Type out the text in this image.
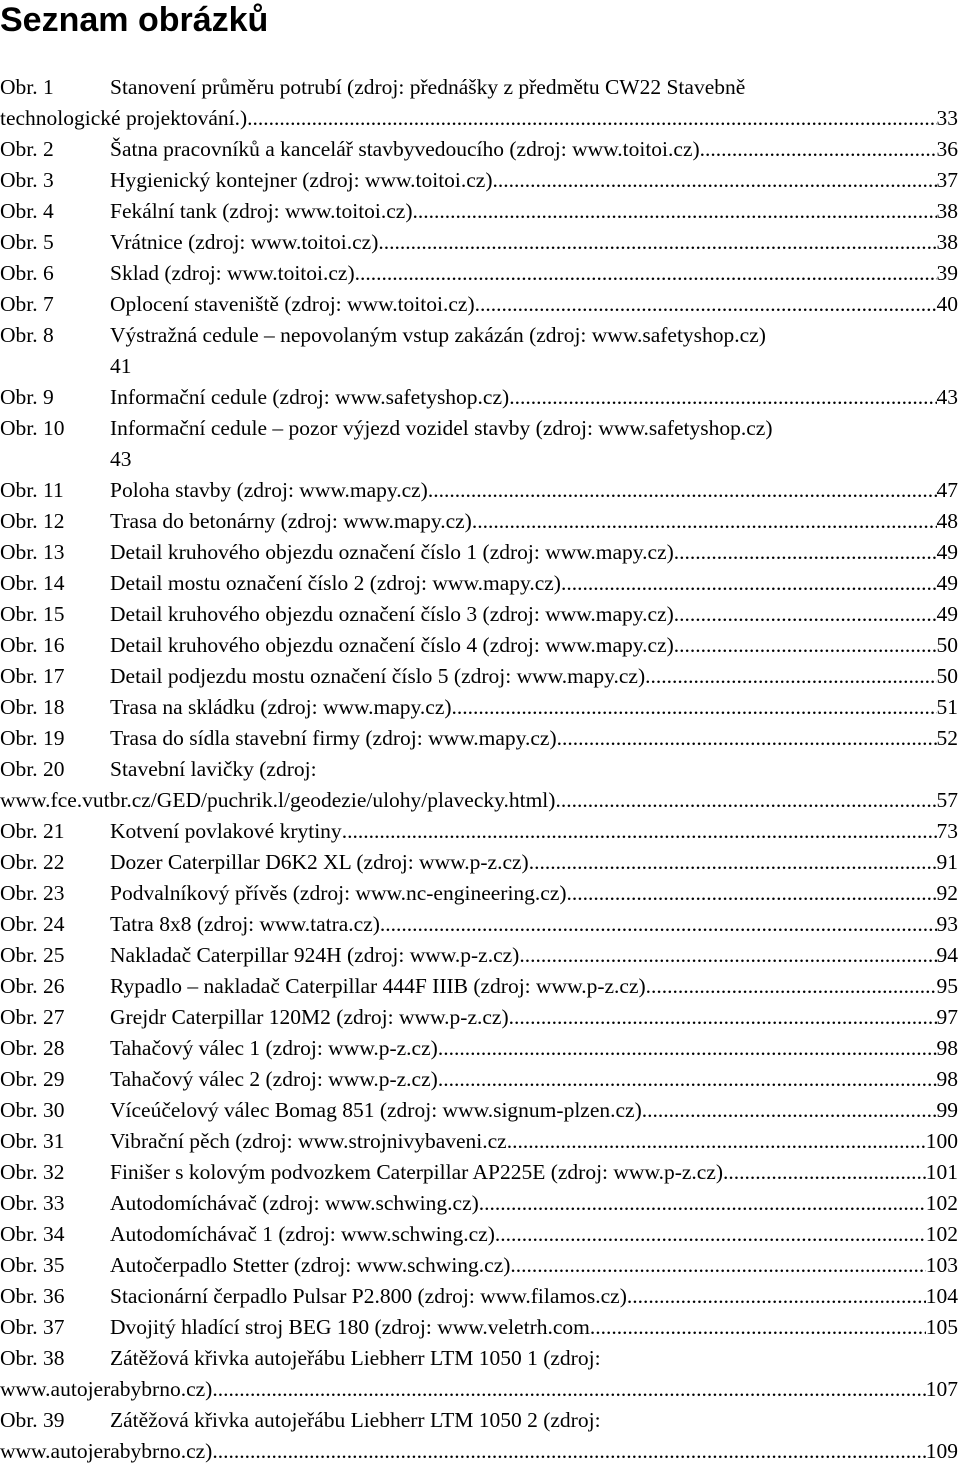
Seznam obrázků
Obr. 1	Stanovení průměru potrubí (zdroj: přednášky z předmětu CW22 Stavebně
technologické projektování.). .....	33
Obr. 2	Šatna pracovníků a kancelář stavbyvedoucího (zdroj: www.toitoi.cz). .....	36
Obr. 3	Hygienický kontejner (zdroj: www.toitoi.cz) .....	37
Obr. 4	Fekální tank (zdroj: www.toitoi.cz) .....	38
Obr. 5	Vrátnice (zdroj: www.toitoi.cz) .....	38
Obr. 6	Sklad (zdroj: www.toitoi.cz) .....	39
Obr. 7	Oplocení staveniště (zdroj: www.toitoi.cz) .....	40
Obr. 8	Výstražná cedule – nepovolaným vstup zakázán (zdroj: www.safetyshop.cz)
41
Obr. 9	Informační cedule (zdroj: www.safetyshop.cz) .....	43
Obr. 10	Informační cedule – pozor výjezd vozidel stavby (zdroj: www.safetyshop.cz)
43
Obr. 11	Poloha stavby (zdroj: www.mapy.cz) .....	47
Obr. 12	Trasa do betonárny (zdroj: www.mapy.cz) .....	48
Obr. 13	Detail kruhového objezdu označení číslo 1 (zdroj: www.mapy.cz) .....	49
Obr. 14	Detail mostu označení číslo 2 (zdroj: www.mapy.cz) .....	49
Obr. 15	Detail kruhového objezdu označení číslo 3 (zdroj: www.mapy.cz) .....	49
Obr. 16	Detail kruhového objezdu označení číslo 4 (zdroj: www.mapy.cz) .....	50
Obr. 17	Detail podjezdu mostu označení číslo 5 (zdroj: www.mapy.cz). .....	50
Obr. 18	Trasa na skládku (zdroj: www.mapy.cz). .....	51
Obr. 19	Trasa do sídla stavební firmy (zdroj: www.mapy.cz) .....	52
Obr. 20	Stavební lavičky (zdroj:
www.fce.vutbr.cz/GED/puchrik.l/geodezie/ulohy/plavecky.html). .....	57
Obr. 21	Kotvení povlakové krytiny .....	73
Obr. 22	Dozer Caterpillar D6K2 XL (zdroj: www.p-z.cz) .....	91
Obr. 23	Podvalníkový přívěs (zdroj: www.nc-engineering.cz). .....	92
Obr. 24	Tatra 8x8 (zdroj: www.tatra.cz) .....	93
Obr. 25	Nakladač Caterpillar 924H (zdroj: www.p-z.cz) .....	94
Obr. 26	Rypadlo – nakladač Caterpillar 444F IIIB (zdroj: www.p-z.cz). .....	95
Obr. 27	Grejdr Caterpillar 120M2 (zdroj: www.p-z.cz) .....	97
Obr. 28	Tahačový válec 1 (zdroj: www.p-z.cz) .....	98
Obr. 29	Tahačový válec 2 (zdroj: www.p-z.cz) .....	98
Obr. 30	Víceúčelový válec Bomag 851 (zdroj: www.signum-plzen.cz) .....	99
Obr. 31	Vibrační pěch (zdroj: www.strojnivybaveni.cz .....	100
Obr. 32	Finišer s kolovým podvozkem Caterpillar AP225E (zdroj: www.p-z.cz) .....	101
Obr. 33	Autodomíchávač (zdroj: www.schwing.cz). .....	102
Obr. 34	Autodomíchávač 1 (zdroj: www.schwing.cz). .....	102
Obr. 35	Autočerpadlo Stetter (zdroj: www.schwing.cz) .....	103
Obr. 36	Stacionární čerpadlo Pulsar P2.800 (zdroj: www.filamos.cz) .....	104
Obr. 37	Dvojitý hladící stroj BEG 180 (zdroj: www.veletrh.com .....	105
Obr. 38	Zátěžová křivka autojeřábu Liebherr LTM 1050 1 (zdroj:
www.autojerabybrno.cz) .....	107
Obr. 39	Zátěžová křivka autojeřábu Liebherr LTM 1050 2 (zdroj:
www.autojerabybrno.cz) .....	109
